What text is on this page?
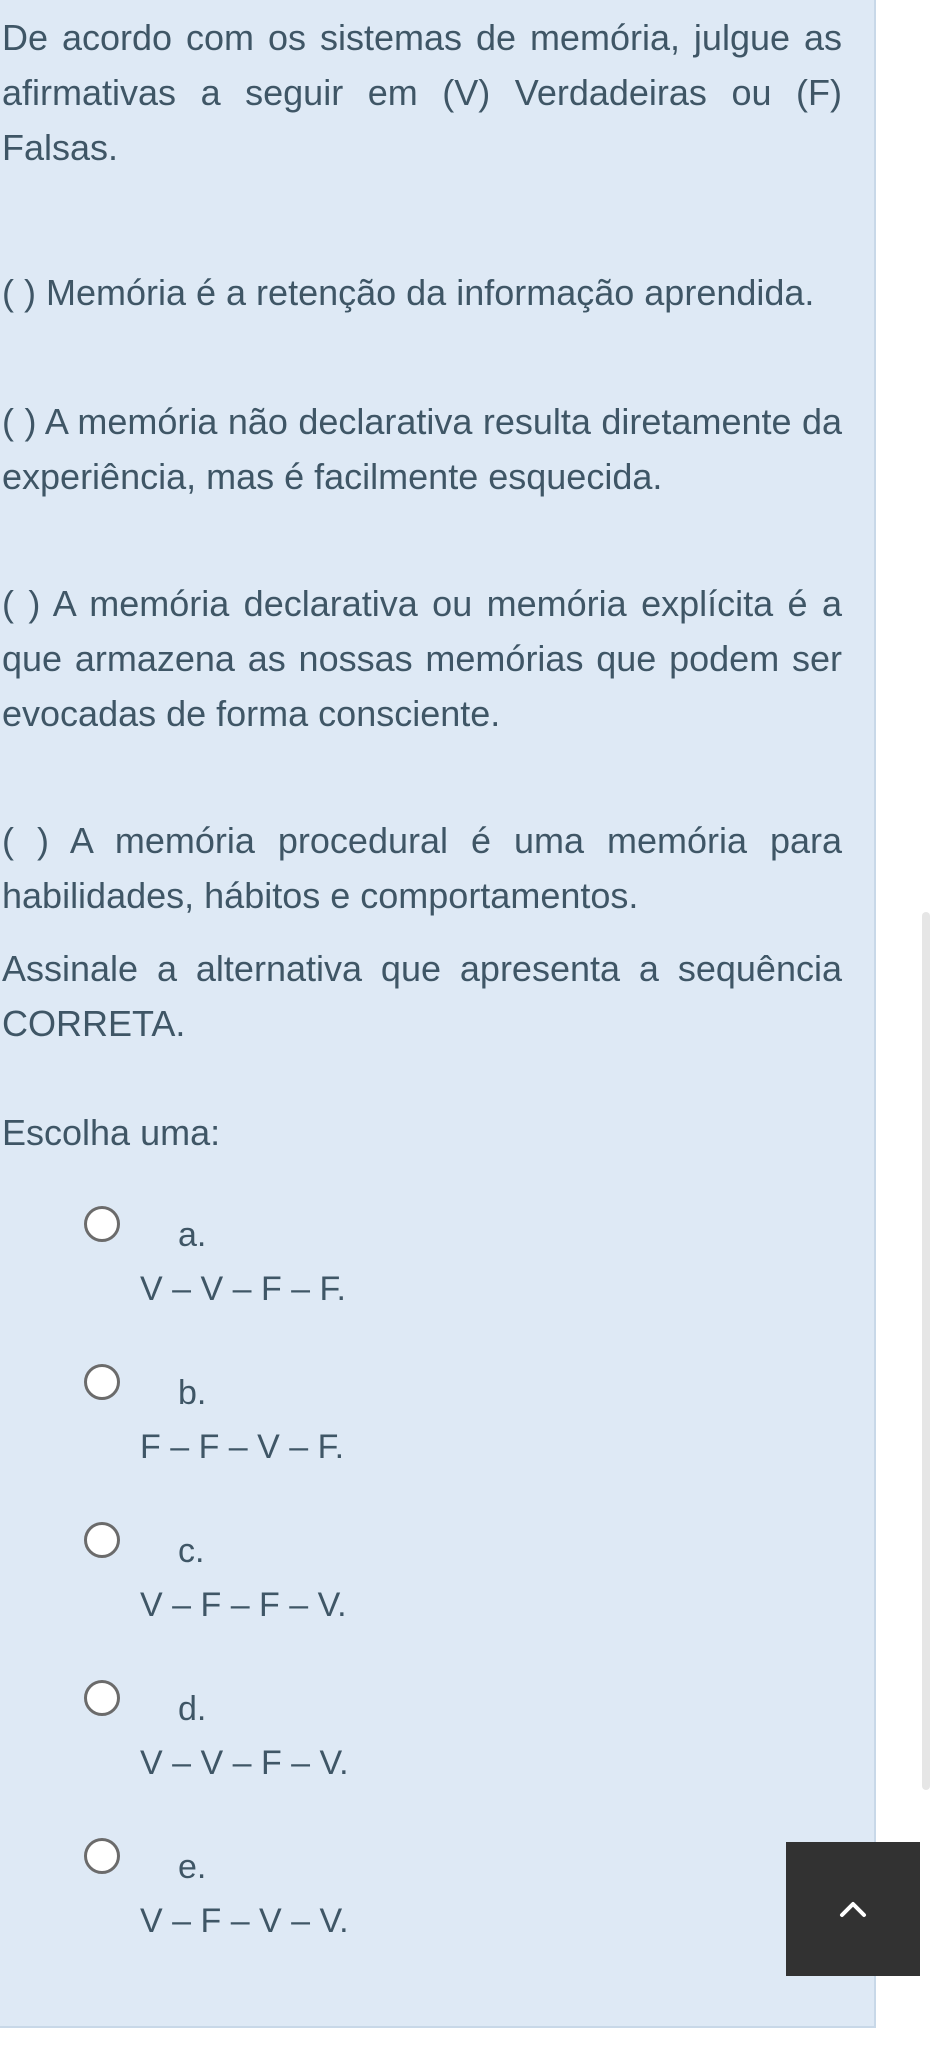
De acordo com os sistemas de memória, julgue as afirmativas a seguir em (V) Verdadeiras ou (F) Falsas.

( ) Memória é a retenção da informação aprendida.

( ) A memória não declarativa resulta diretamente da experiência, mas é facilmente esquecida.

( ) A memória declarativa ou memória explícita é a que armazena as nossas memórias que podem ser evocadas de forma consciente.

( ) A memória procedural é uma memória para habilidades, hábitos e comportamentos.

Assinale a alternativa que apresenta a sequência CORRETA.

Escolha uma:

a.
V – V – F – F.
b.
F – F – V – F.
c.
V – F – F – V.
d.
V – V – F – V.
e.
V – F – V – V.
